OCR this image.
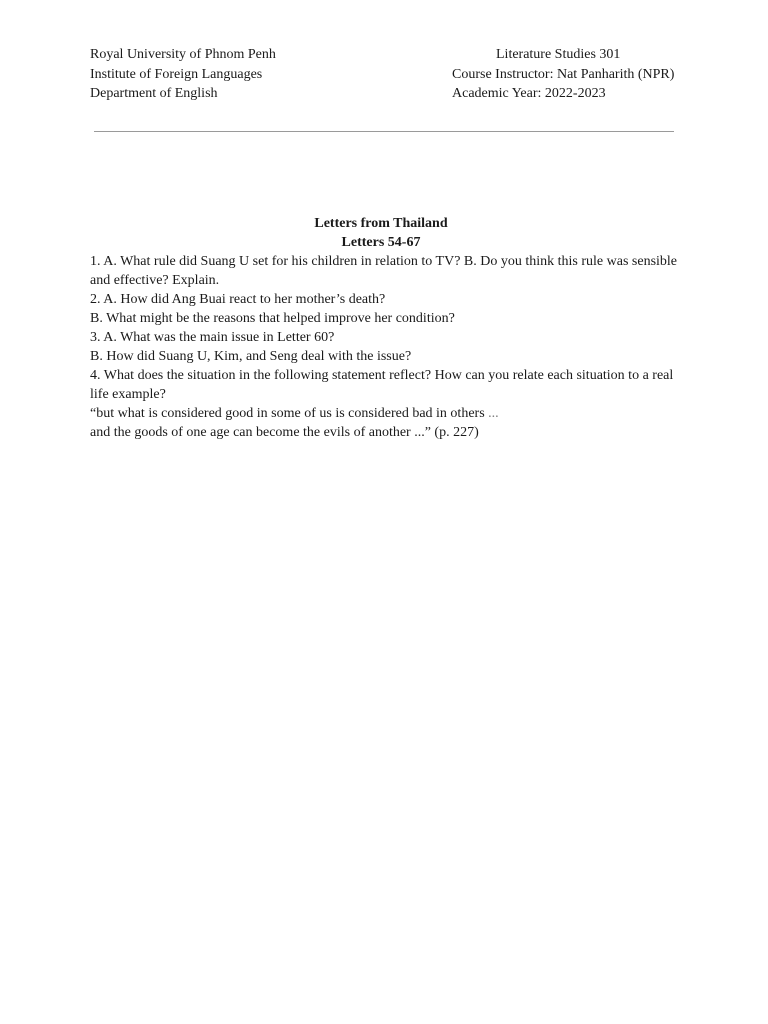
Royal University of Phnom Penh
Institute of Foreign Languages
Department of English
Literature Studies 301
Course Instructor: Nat Panharith (NPR)
Academic Year: 2022-2023
Letters from Thailand
Letters 54-67
1. A. What rule did Suang U set for his children in relation to TV? B. Do you think this rule was sensible
and effective? Explain.
2. A. How did Ang Buai react to her mother’s death?
B. What might be the reasons that helped improve her condition?
3. A. What was the main issue in Letter 60?
B. How did Suang U, Kim, and Seng deal with the issue?
4. What does the situation in the following statement reflect? How can you relate each situation to a real
life example?
“but what is considered good in some of us is considered bad in others ...
and the goods of one age can become the evils of another ...” (p. 227)
